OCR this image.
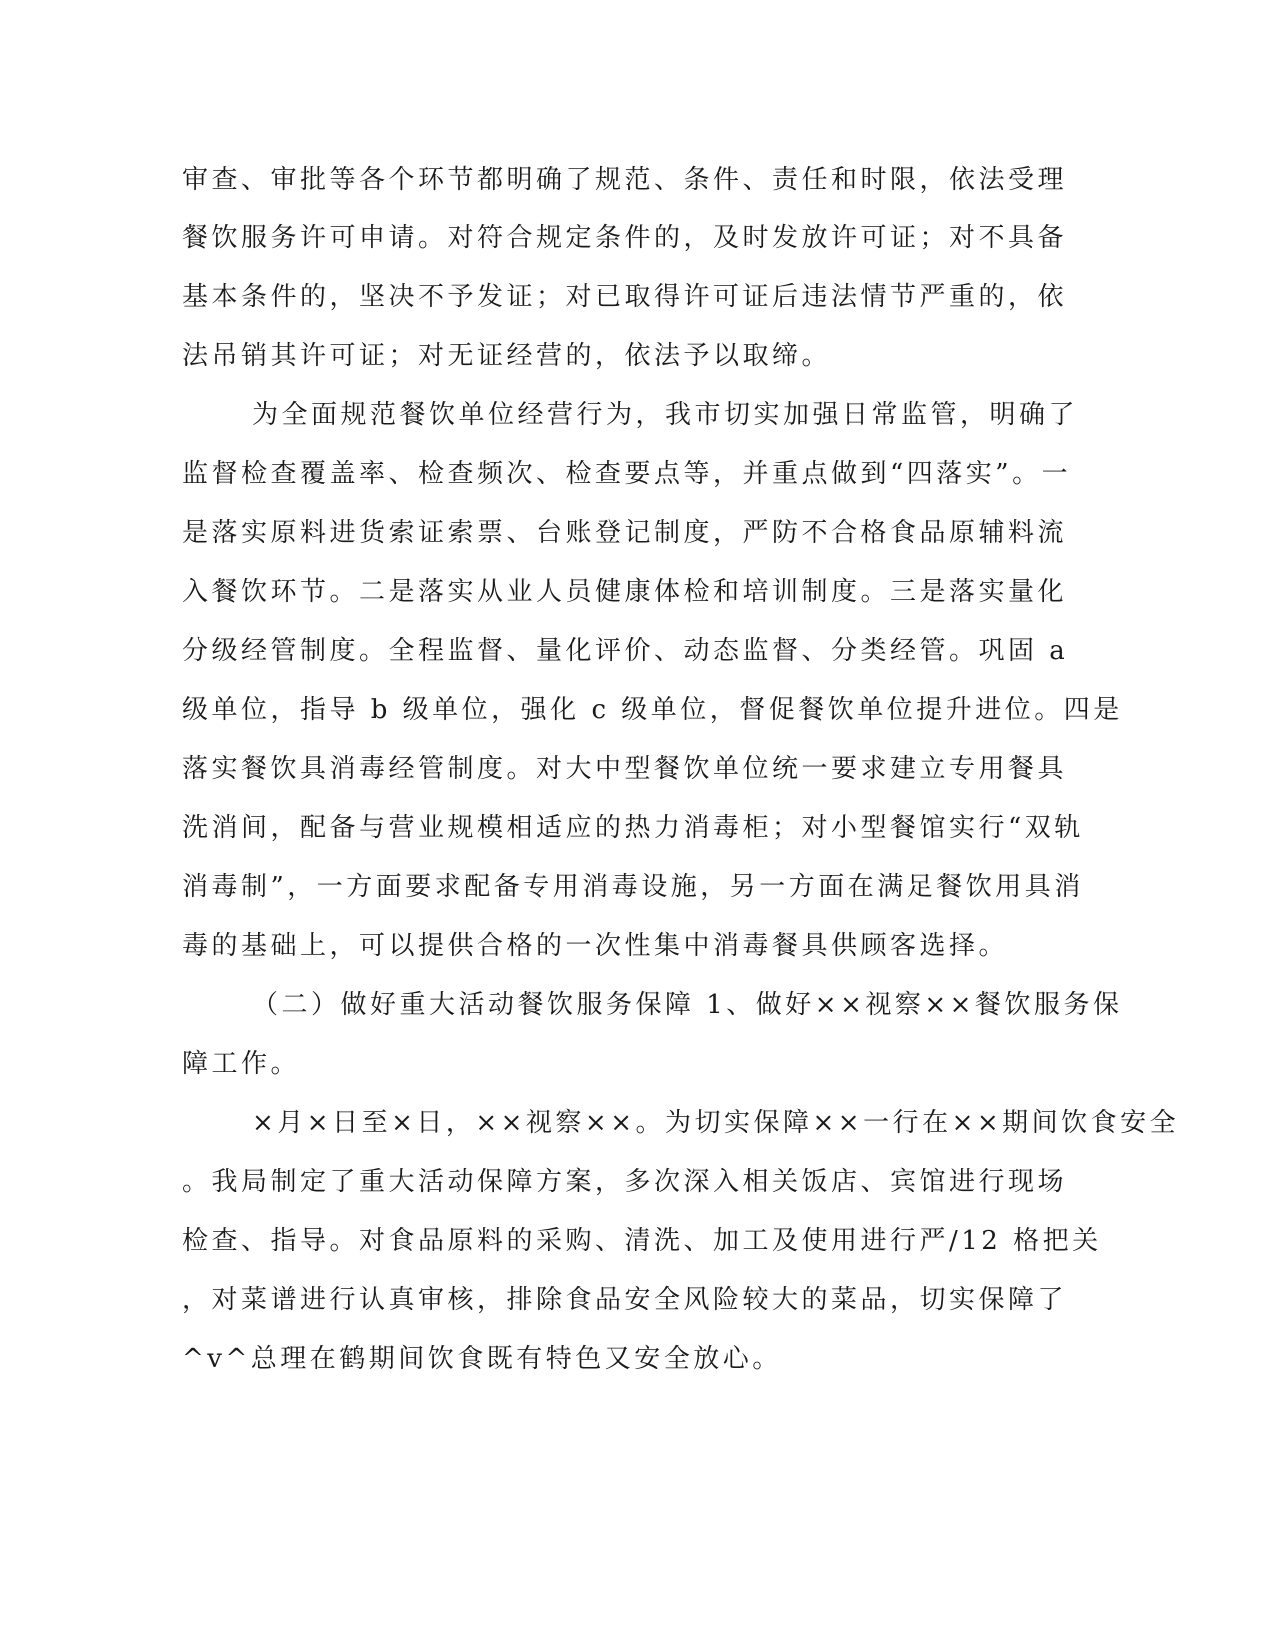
审查、审批等各个环节都明确了规范、条件、责任和时限，依法受理
餐饮服务许可申请。对符合规定条件的，及时发放许可证；对不具备
基本条件的，坚决不予发证；对已取得许可证后违法情节严重的，依
法吊销其许可证；对无证经营的，依法予以取缔。
为全面规范餐饮单位经营行为，我市切实加强日常监管，明确了
监督检查覆盖率、检查频次、检查要点等，并重点做到“四落实”。一
是落实原料进货索证索票、台账登记制度，严防不合格食品原辅料流
入餐饮环节。二是落实从业人员健康体检和培训制度。三是落实量化
分级经管制度。全程监督、量化评价、动态监督、分类经管。巩固 a
级单位，指导 b 级单位，强化 c 级单位，督促餐饮单位提升进位。四是
落实餐饮具消毒经管制度。对大中型餐饮单位统一要求建立专用餐具
洗消间，配备与营业规模相适应的热力消毒柜；对小型餐馆实行“双轨
消毒制”，一方面要求配备专用消毒设施，另一方面在满足餐饮用具消
毒的基础上，可以提供合格的一次性集中消毒餐具供顾客选择。
（二）做好重大活动餐饮服务保障 1、做好××视察××餐饮服务保
障工作。
×月×日至×日，××视察××。为切实保障××一行在××期间饮食安全
。我局制定了重大活动保障方案，多次深入相关饭店、宾馆进行现场
检查、指导。对食品原料的采购、清洗、加工及使用进行严/12 格把关
，对菜谱进行认真审核，排除食品安全风险较大的菜品，切实保障了
^v^总理在鹤期间饮食既有特色又安全放心。
